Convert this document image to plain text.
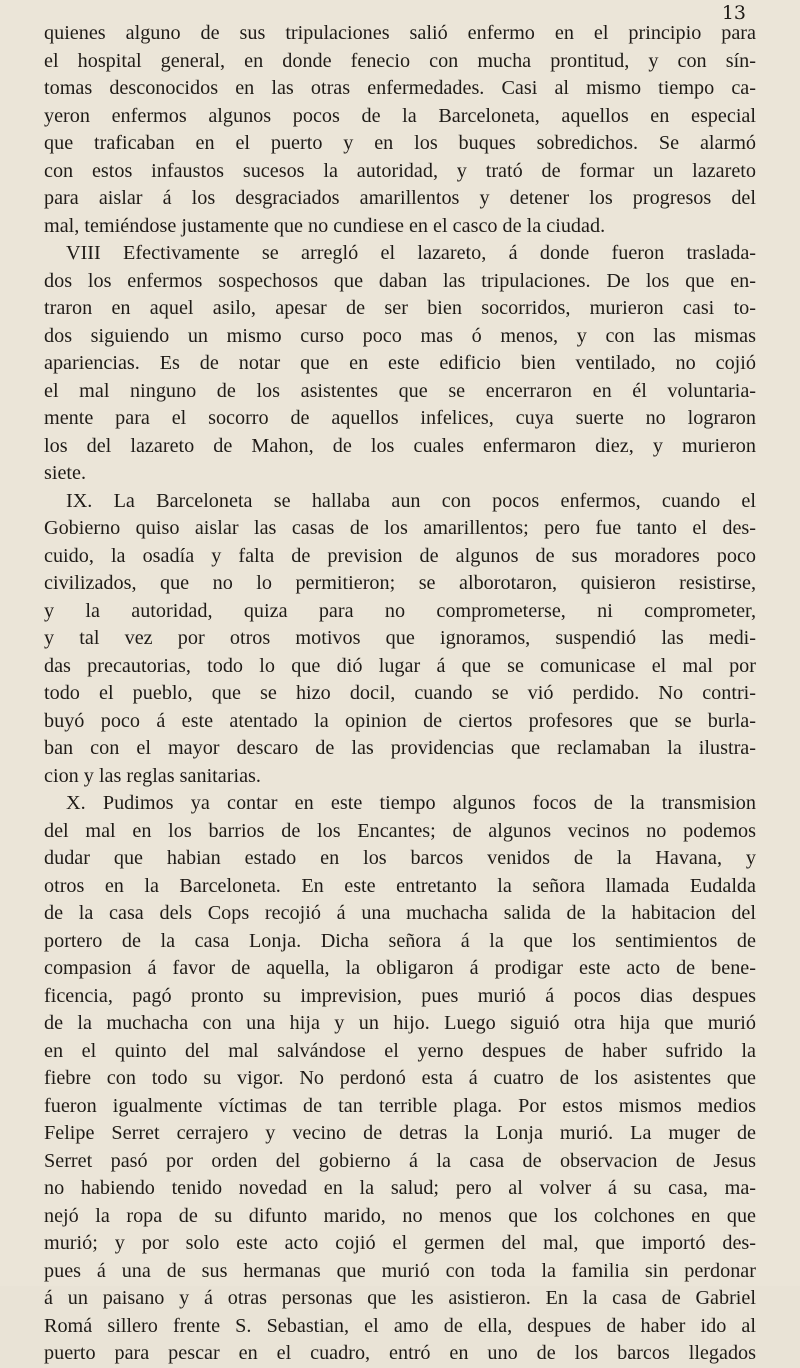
13
quienes alguno de sus tripulaciones salió enfermo en el principio para
el hospital general, en donde fenecio con mucha prontitud, y con sín-
tomas desconocidos en las otras enfermedades. Casi al mismo tiempo ca-
yeron enfermos algunos pocos de la Barceloneta, aquellos en especial
que traficaban en el puerto y en los buques sobredichos. Se alarmó
con estos infaustos sucesos la autoridad, y trató de formar un lazareto
para aislar á los desgraciados amarillentos y detener los progresos del
mal, temiéndose justamente que no cundiese en el casco de la ciudad.
VIII Efectivamente se arregló el lazareto, á donde fueron traslada-
dos los enfermos sospechosos que daban las tripulaciones. De los que en-
traron en aquel asilo, apesar de ser bien socorridos, murieron casi to-
dos siguiendo un mismo curso poco mas ó menos, y con las mismas
apariencias. Es de notar que en este edificio bien ventilado, no cojió
el mal ninguno de los asistentes que se encerraron en él voluntaria-
mente para el socorro de aquellos infelices, cuya suerte no lograron
los del lazareto de Mahon, de los cuales enfermaron diez, y murieron
siete.
IX. La Barceloneta se hallaba aun con pocos enfermos, cuando el
Gobierno quiso aislar las casas de los amarillentos; pero fue tanto el des-
cuido, la osadía y falta de prevision de algunos de sus moradores poco
civilizados, que no lo permitieron; se alborotaron, quisieron resistirse,
y la autoridad, quiza para no comprometerse, ni comprometer,
y tal vez por otros motivos que ignoramos, suspendió las medi-
das precautorias, todo lo que dió lugar á que se comunicase el mal por
todo el pueblo, que se hizo docil, cuando se vió perdido. No contri-
buyó poco á este atentado la opinion de ciertos profesores que se burla-
ban con el mayor descaro de las providencias que reclamaban la ilustra-
cion y las reglas sanitarias.
X. Pudimos ya contar en este tiempo algunos focos de la transmision
del mal en los barrios de los Encantes; de algunos vecinos no podemos
dudar que habian estado en los barcos venidos de la Havana, y
otros en la Barceloneta. En este entretanto la señora llamada Eudalda
de la casa dels Cops recojió á una muchacha salida de la habitacion del
portero de la casa Lonja. Dicha señora á la que los sentimientos de
compasion á favor de aquella, la obligaron á prodigar este acto de bene-
ficencia, pagó pronto su imprevision, pues murió á pocos dias despues
de la muchacha con una hija y un hijo. Luego siguió otra hija que murió
en el quinto del mal salvándose el yerno despues de haber sufrido la
fiebre con todo su vigor. No perdonó esta á cuatro de los asistentes que
fueron igualmente víctimas de tan terrible plaga. Por estos mismos medios
Felipe Serret cerrajero y vecino de detras la Lonja murió. La muger de
Serret pasó por orden del gobierno á la casa de observacion de Jesus
no habiendo tenido novedad en la salud; pero al volver á su casa, ma-
nejó la ropa de su difunto marido, no menos que los colchones en que
murió; y por solo este acto cojió el germen del mal, que importó des-
pues á una de sus hermanas que murió con toda la familia sin perdonar
á un paisano y á otras personas que les asistieron. En la casa de Gabriel
Romá sillero frente S. Sebastian, el amo de ella, despues de haber ido al
puerto para pescar en el cuadro, entró en uno de los barcos llegados
